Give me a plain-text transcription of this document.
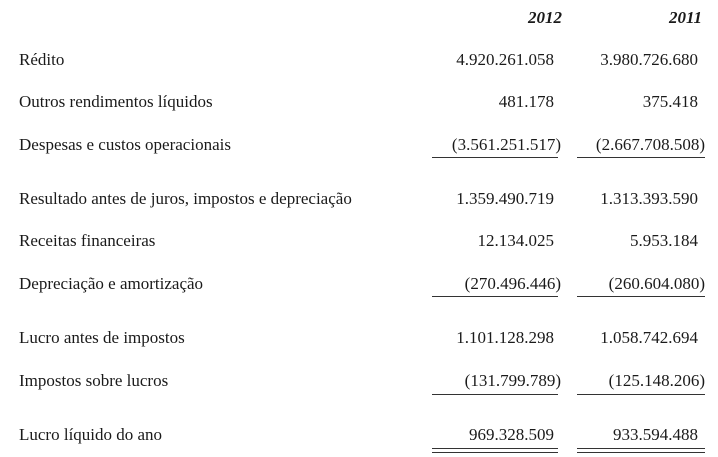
2012	2011
Rédito	4.920.261.058	3.980.726.680
Outros rendimentos líquidos	481.178	375.418
Despesas e custos operacionais	(3.561.251.517)	(2.667.708.508)
Resultado antes de juros, impostos e depreciação	1.359.490.719	1.313.393.590
Receitas financeiras	12.134.025	5.953.184
Depreciação e amortização	(270.496.446)	(260.604.080)
Lucro antes de impostos	1.101.128.298	1.058.742.694
Impostos sobre lucros	(131.799.789)	(125.148.206)
Lucro líquido do ano	969.328.509	933.594.488
